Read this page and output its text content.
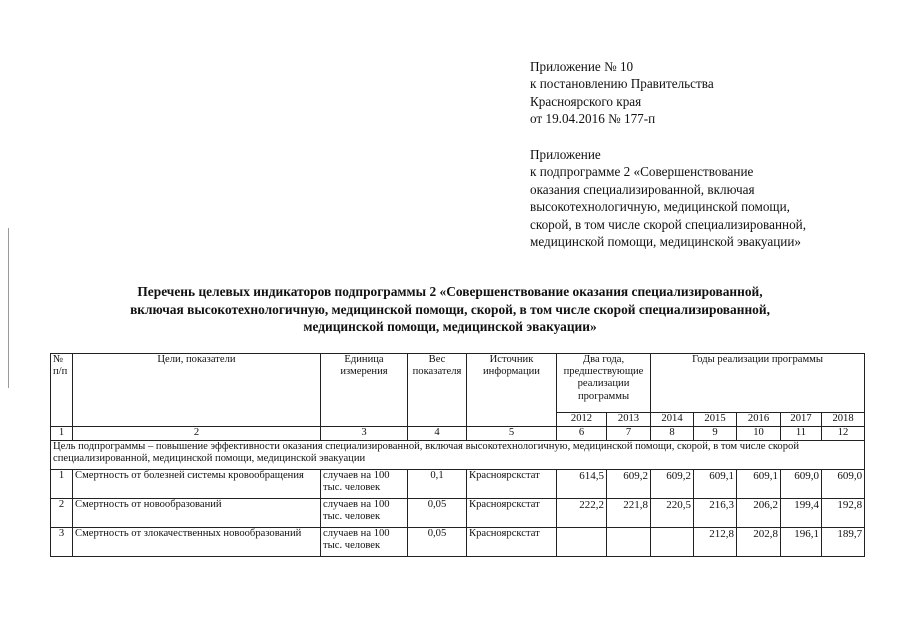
Приложение № 10
к постановлению Правительства
Красноярского края
от 19.04.2016 № 177-п
Приложение
к подпрограмме 2 «Совершенствование
оказания специализированной, включая
высокотехнологичную, медицинской помощи,
скорой, в том числе скорой специализированной,
медицинской помощи, медицинской эвакуации»
Перечень целевых индикаторов подпрограммы 2 «Совершенствование оказания специализированной,
включая высокотехнологичную, медицинской помощи, скорой, в том числе скорой специализированной,
медицинской помощи, медицинской эвакуации»
№ п/п	Цели, показатели	Единица измерения	Вес показателя	Источник информации	Два года, предшествующие реализации программы		Годы реализации программы				
					2012	2013	2014	2015	2016	2017	2018
1	2	3	4	5	6	7	8	9	10	11	12
Цель подпрограммы – повышение эффективности оказания специализированной, включая высокотехнологичную, медицинской помощи, скорой, в том числе скорой специализированной, медицинской помощи, медицинской эвакуации											
1	Смертность от болезней системы кровообращения	случаев на 100 тыс. человек	0,1	Красноярскстат	614,5	609,2	609,2	609,1	609,1	609,0	609,0
2	Смертность от новообразований	случаев на 100 тыс. человек	0,05	Красноярскстат	222,2	221,8	220,5	216,3	206,2	199,4	192,8
3	Смертность от злокачественных новообразований	случаев на 100 тыс. человек	0,05	Красноярскстат				212,8	202,8	196,1	189,7
